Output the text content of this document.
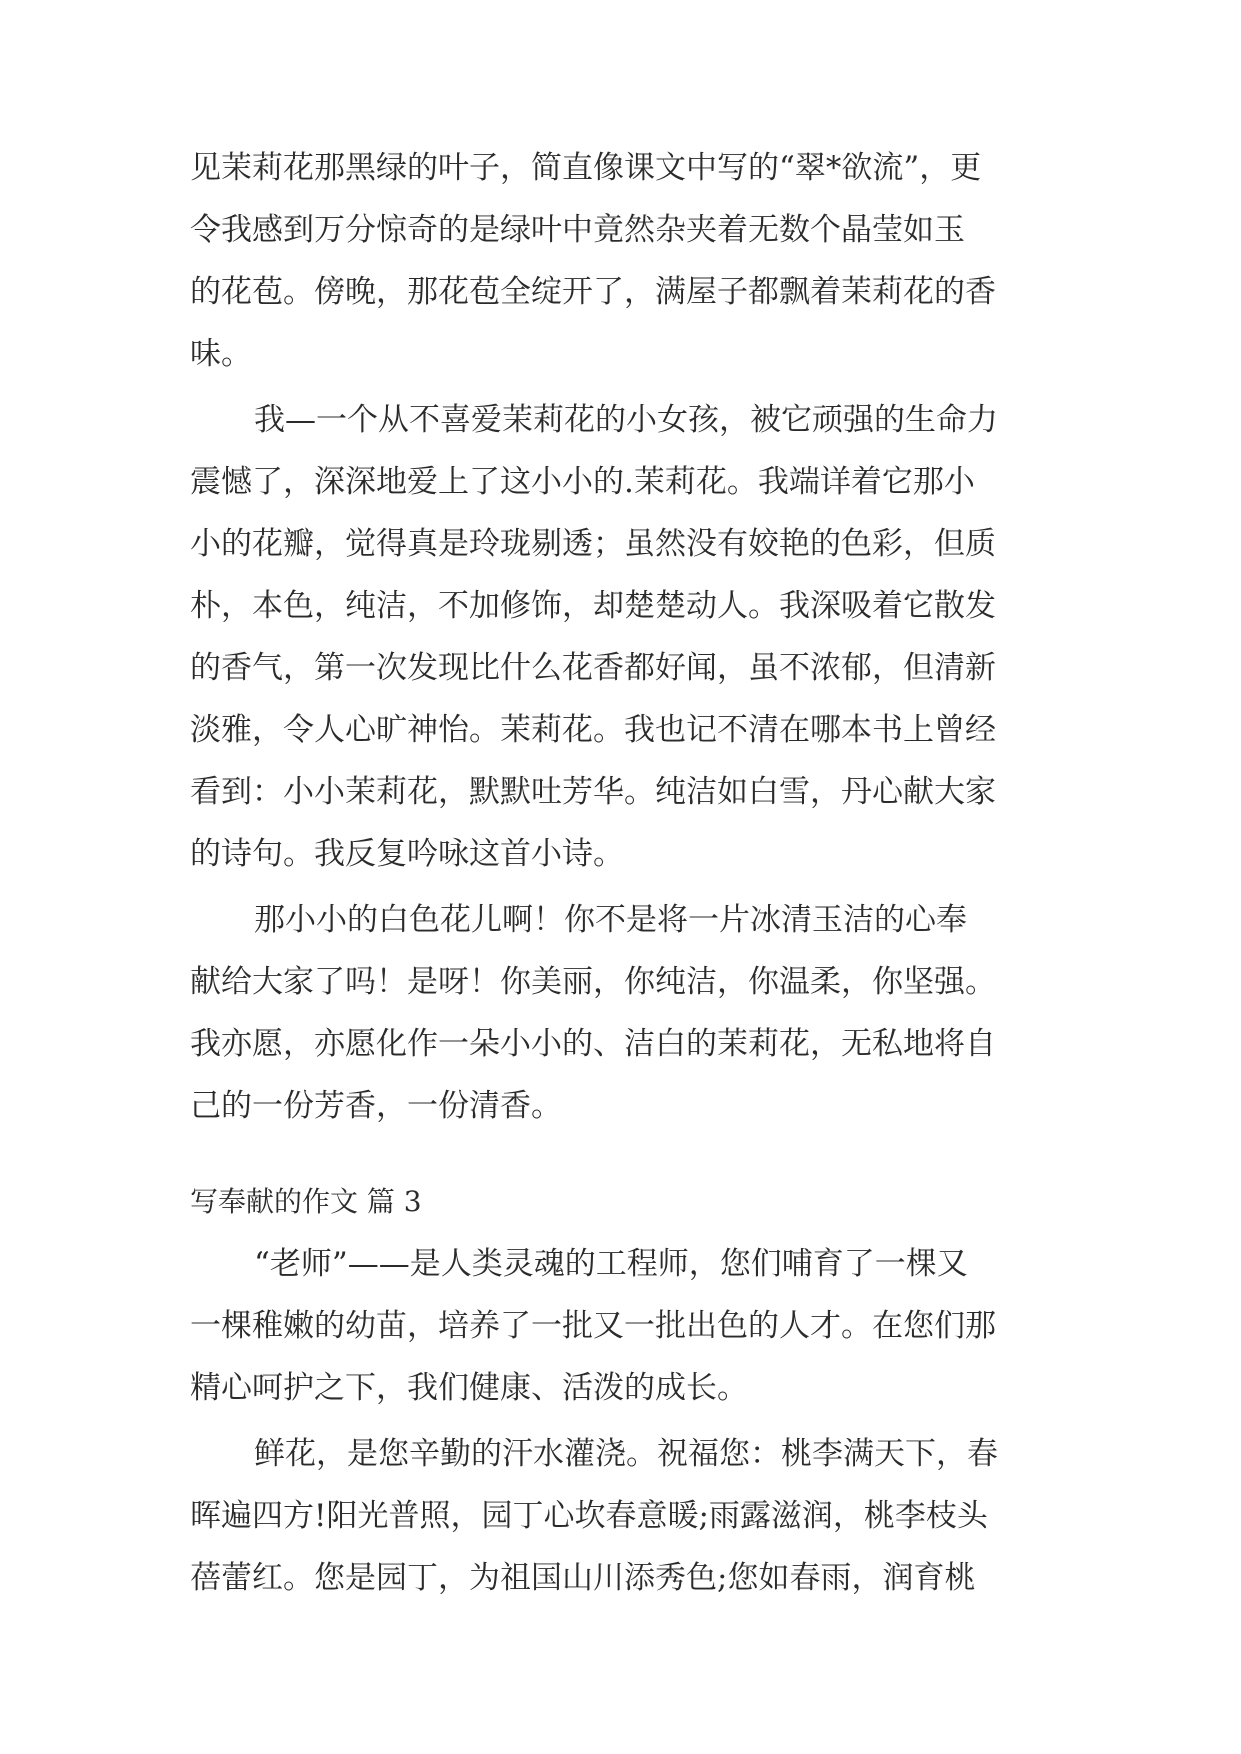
见茉莉花那黑绿的叶子，简直像课文中写的“翠*欲流”，更
令我感到万分惊奇的是绿叶中竟然杂夹着无数个晶莹如玉
的花苞。傍晚，那花苞全绽开了，满屋子都飘着茉莉花的香
味。
我—一个从不喜爱茉莉花的小女孩，被它顽强的生命力
震憾了，深深地爱上了这小小的.茉莉花。我端详着它那小
小的花瓣，觉得真是玲珑剔透；虽然没有姣艳的色彩，但质
朴，本色，纯洁，不加修饰，却楚楚动人。我深吸着它散发
的香气，第一次发现比什么花香都好闻，虽不浓郁，但清新
淡雅，令人心旷神怡。茉莉花。我也记不清在哪本书上曾经
看到：小小茉莉花，默默吐芳华。纯洁如白雪，丹心献大家
的诗句。我反复吟咏这首小诗。
那小小的白色花儿啊！你不是将一片冰清玉洁的心奉
献给大家了吗！是呀！你美丽，你纯洁，你温柔，你坚强。
我亦愿，亦愿化作一朵小小的、洁白的茉莉花，无私地将自
己的一份芳香，一份清香。
写奉献的作文 篇 3
“老师”——是人类灵魂的工程师，您们哺育了一棵又
一棵稚嫩的幼苗，培养了一批又一批出色的人才。在您们那
精心呵护之下，我们健康、活泼的成长。
鲜花，是您辛勤的汗水灌浇。祝福您：桃李满天下，春
晖遍四方!阳光普照，园丁心坎春意暖;雨露滋润，桃李枝头
蓓蕾红。您是园丁，为祖国山川添秀色;您如春雨，润育桃
